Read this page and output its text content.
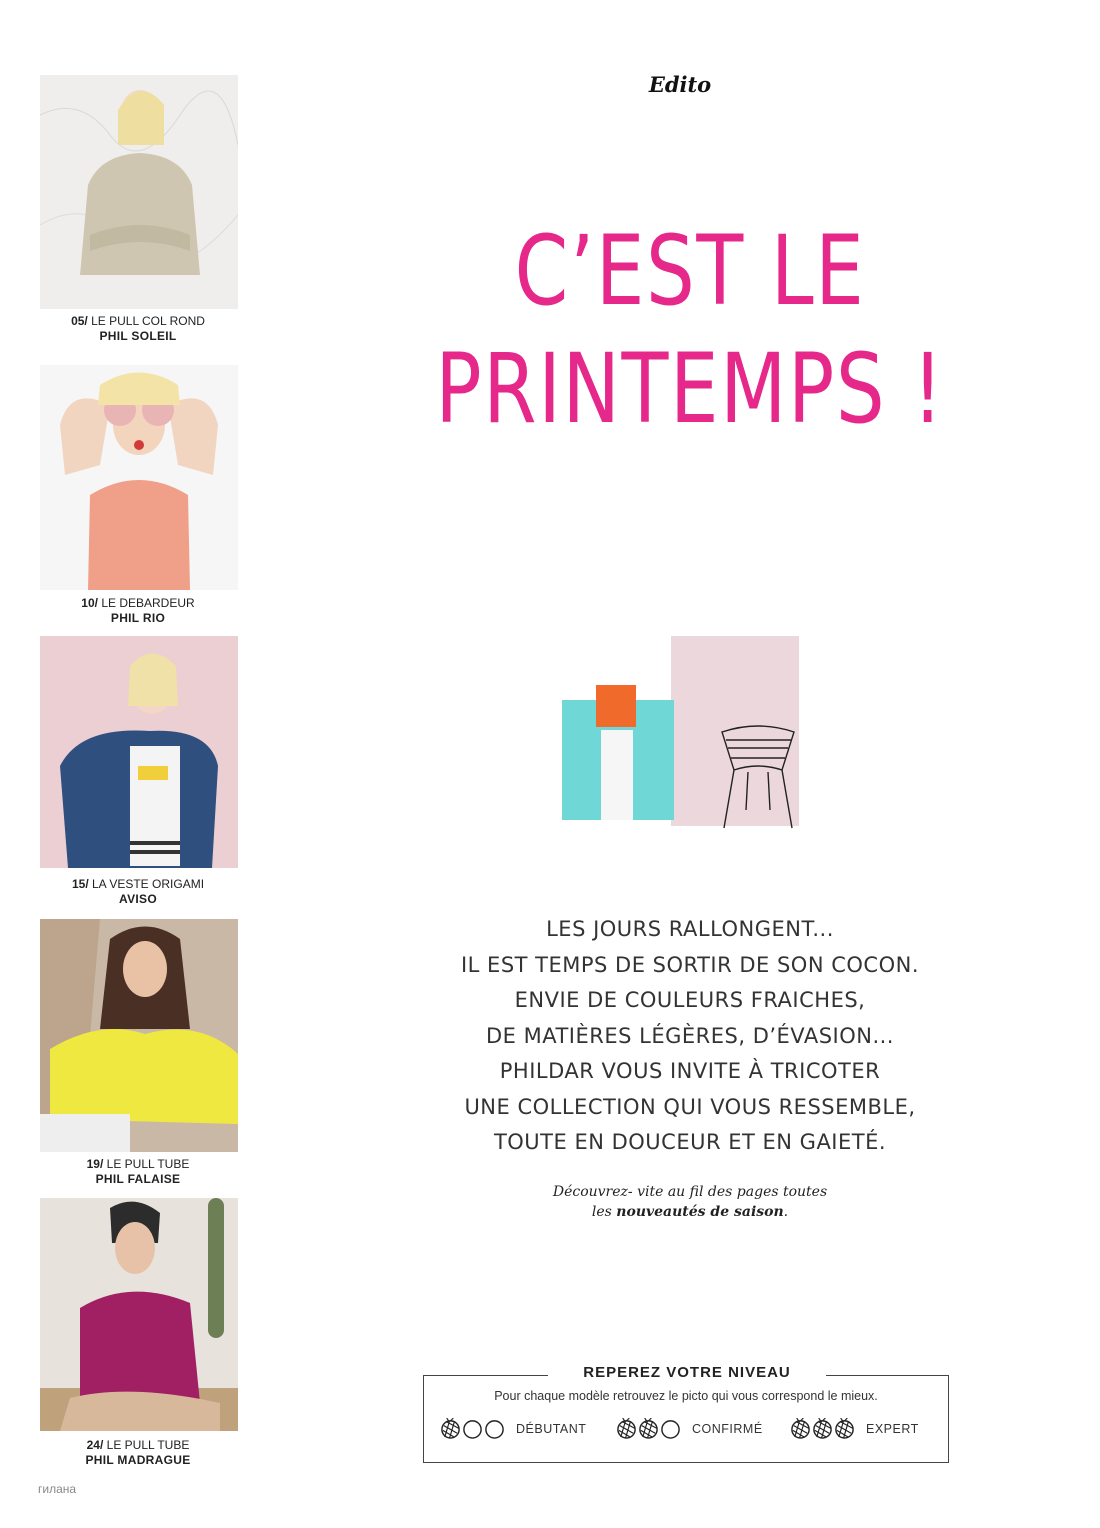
05/ LE PULL COL ROND
PHIL SOLEIL
10/ LE DEBARDEUR
PHIL RIO
15/ LA VESTE ORIGAMI
AVISO
19/ LE PULL TUBE
PHIL FALAISE
24/ LE PULL TUBE
PHIL MADRAGUE
Edito
C’EST LE
PRINTEMPS !
LES JOURS RALLONGENT...
IL EST TEMPS DE SORTIR DE SON COCON.
ENVIE DE COULEURS FRAICHES,
DE MATIÈRES LÉGÈRES, D’ÉVASION...
PHILDAR VOUS INVITE À TRICOTER
UNE COLLECTION QUI VOUS RESSEMBLE,
TOUTE EN DOUCEUR ET EN GAIETÉ.
Découvrez- vite au fil des pages toutes
les nouveautés de saison.
REPEREZ VOTRE NIVEAU
Pour chaque modèle retrouvez le picto qui vous correspond le mieux.
DÉBUTANT	CONFIRMÉ	EXPERT
гилана
